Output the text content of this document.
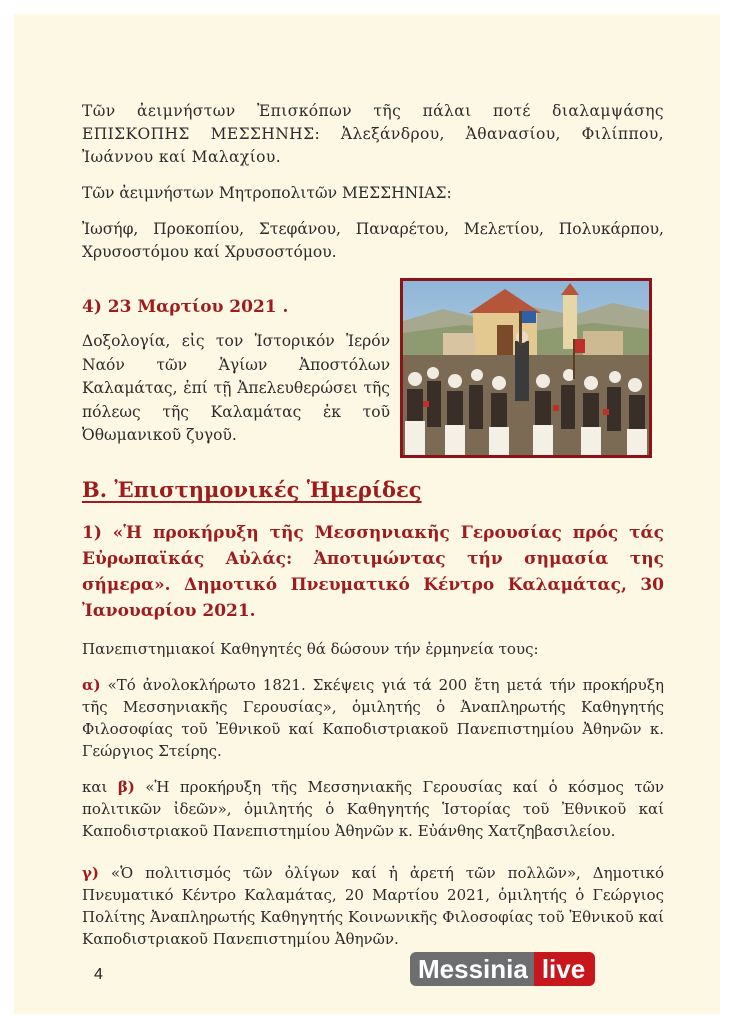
Τῶν ἀειμνήστων Ἐπισκόπων τῆς πάλαι ποτέ διαλαμψάσης ΕΠΙΣΚΟΠΗΣ ΜΕΣΣΗΝΗΣ: Ἀλεξάνδρου, Ἀθανασίου, Φιλίππου, Ἰωάννου καί Μαλαχίου.

Τῶν ἀειμνήστων Μητροπολιτῶν ΜΕΣΣΗΝΙΑΣ:

Ἰωσήφ, Προκοπίου, Στεφάνου, Παναρέτου, Μελετίου, Πολυκάρπου, Χρυσοστόμου καί Χρυσοστόμου.

4) 23 Μαρτίου 2021 .
Δοξολογία, εἰς τον Ἱστορικόν Ἱερόν Ναόν τῶν Ἁγίων Ἀποστόλων Καλαμάτας, ἐπί τῇ Ἀπελευθερώσει τῆς πόλεως τῆς Καλαμάτας ἐκ τοῦ Ὀθωμανικοῦ ζυγοῦ.
Β. Ἐπιστημονικές Ἡμερίδες
1) «Ἡ προκήρυξη τῆς Μεσσηνιακῆς Γερουσίας πρός τάς Εὐρωπαϊκάς Αὐλάς: Ἀποτιμώντας τήν σημασία της σήμερα». Δημοτικό Πνευματικό Κέντρο Καλαμάτας, 30 Ἰανουαρίου 2021.

Πανεπιστημιακοί Καθηγητές θά δώσουν τήν ἑρμηνεία τους:

α) «Τό ἀνολοκλήρωτο 1821. Σκέψεις γιά τά 200 ἔτη μετά τήν προκήρυξη τῆς Μεσσηνιακῆς Γερουσίας», ὁμιλητής ὁ Ἀναπληρωτής Καθηγητής Φιλοσοφίας τοῦ Ἐθνικοῦ καί Καποδιστριακοῦ Πανεπιστημίου Ἀθηνῶν κ. Γεώργιος Στείρης.

και β) «Ἡ προκήρυξη τῆς Μεσσηνιακῆς Γερουσίας καί ὁ κόσμος τῶν πολιτικῶν ἰδεῶν», ὁμιλητής ὁ Καθηγητής Ἱστορίας τοῦ Ἐθνικοῦ καί Καποδιστριακοῦ Πανεπιστημίου Ἀθηνῶν κ. Εὐάνθης Χατζηβασιλείου.

γ) «Ὁ πολιτισμός τῶν ὀλίγων καί ἡ ἀρετή τῶν πολλῶν», Δημοτικό Πνευματικό Κέντρο Καλαμάτας, 20 Μαρτίου 2021, ὁμιλητής ὁ Γεώργιος Πολίτης Ἀναπληρωτής Καθηγητής Κοινωνικῆς Φιλοσοφίας τοῦ Ἐθνικοῦ καί Καποδιστριακοῦ Πανεπιστημίου Ἀθηνῶν.

4	Messinia live
